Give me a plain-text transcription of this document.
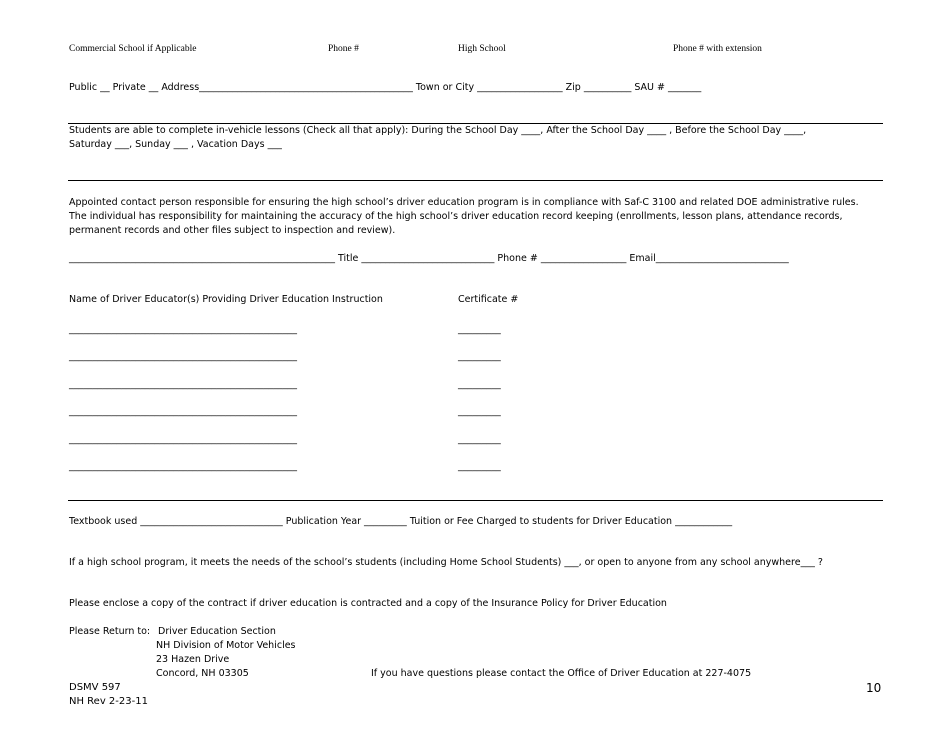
Commercial School if Applicable	Phone #	High School	Phone # with extension
Public __ Private __ Address_____________________________________________ Town or City __________________ Zip __________ SAU # _______
Students are able to complete in-vehicle lessons (Check all that apply): During the School Day ____, After the School Day ____ , Before the School Day ____,
Saturday ___, Sunday ___ , Vacation Days ___
Appointed contact person responsible for ensuring the high school’s driver education program is in compliance with Saf-C 3100 and related DOE administrative rules.
The individual has responsibility for maintaining the accuracy of the high school’s driver education record keeping (enrollments, lesson plans, attendance records,
permanent records and other files subject to inspection and review).
________________________________________________________ Title ____________________________ Phone # __________________ Email____________________________
Name of Driver Educator(s) Providing Driver Education Instruction	Certificate #
________________________________________________	_________
________________________________________________	_________
________________________________________________	_________
________________________________________________	_________
________________________________________________	_________
________________________________________________	_________
Textbook used ______________________________ Publication Year _________ Tuition or Fee Charged to students for Driver Education ____________
If a high school program, it meets the needs of the school’s students (including Home School Students) ___, or open to anyone from any school anywhere___ ?
Please enclose a copy of the contract if driver education is contracted and a copy of the Insurance Policy for Driver Education
Please Return to: Driver Education Section
NH Division of Motor Vehicles
23 Hazen Drive
Concord, NH 03305	If you have questions please contact the Office of Driver Education at 227-4075
DSMV 597
NH Rev 2-23-11
10
